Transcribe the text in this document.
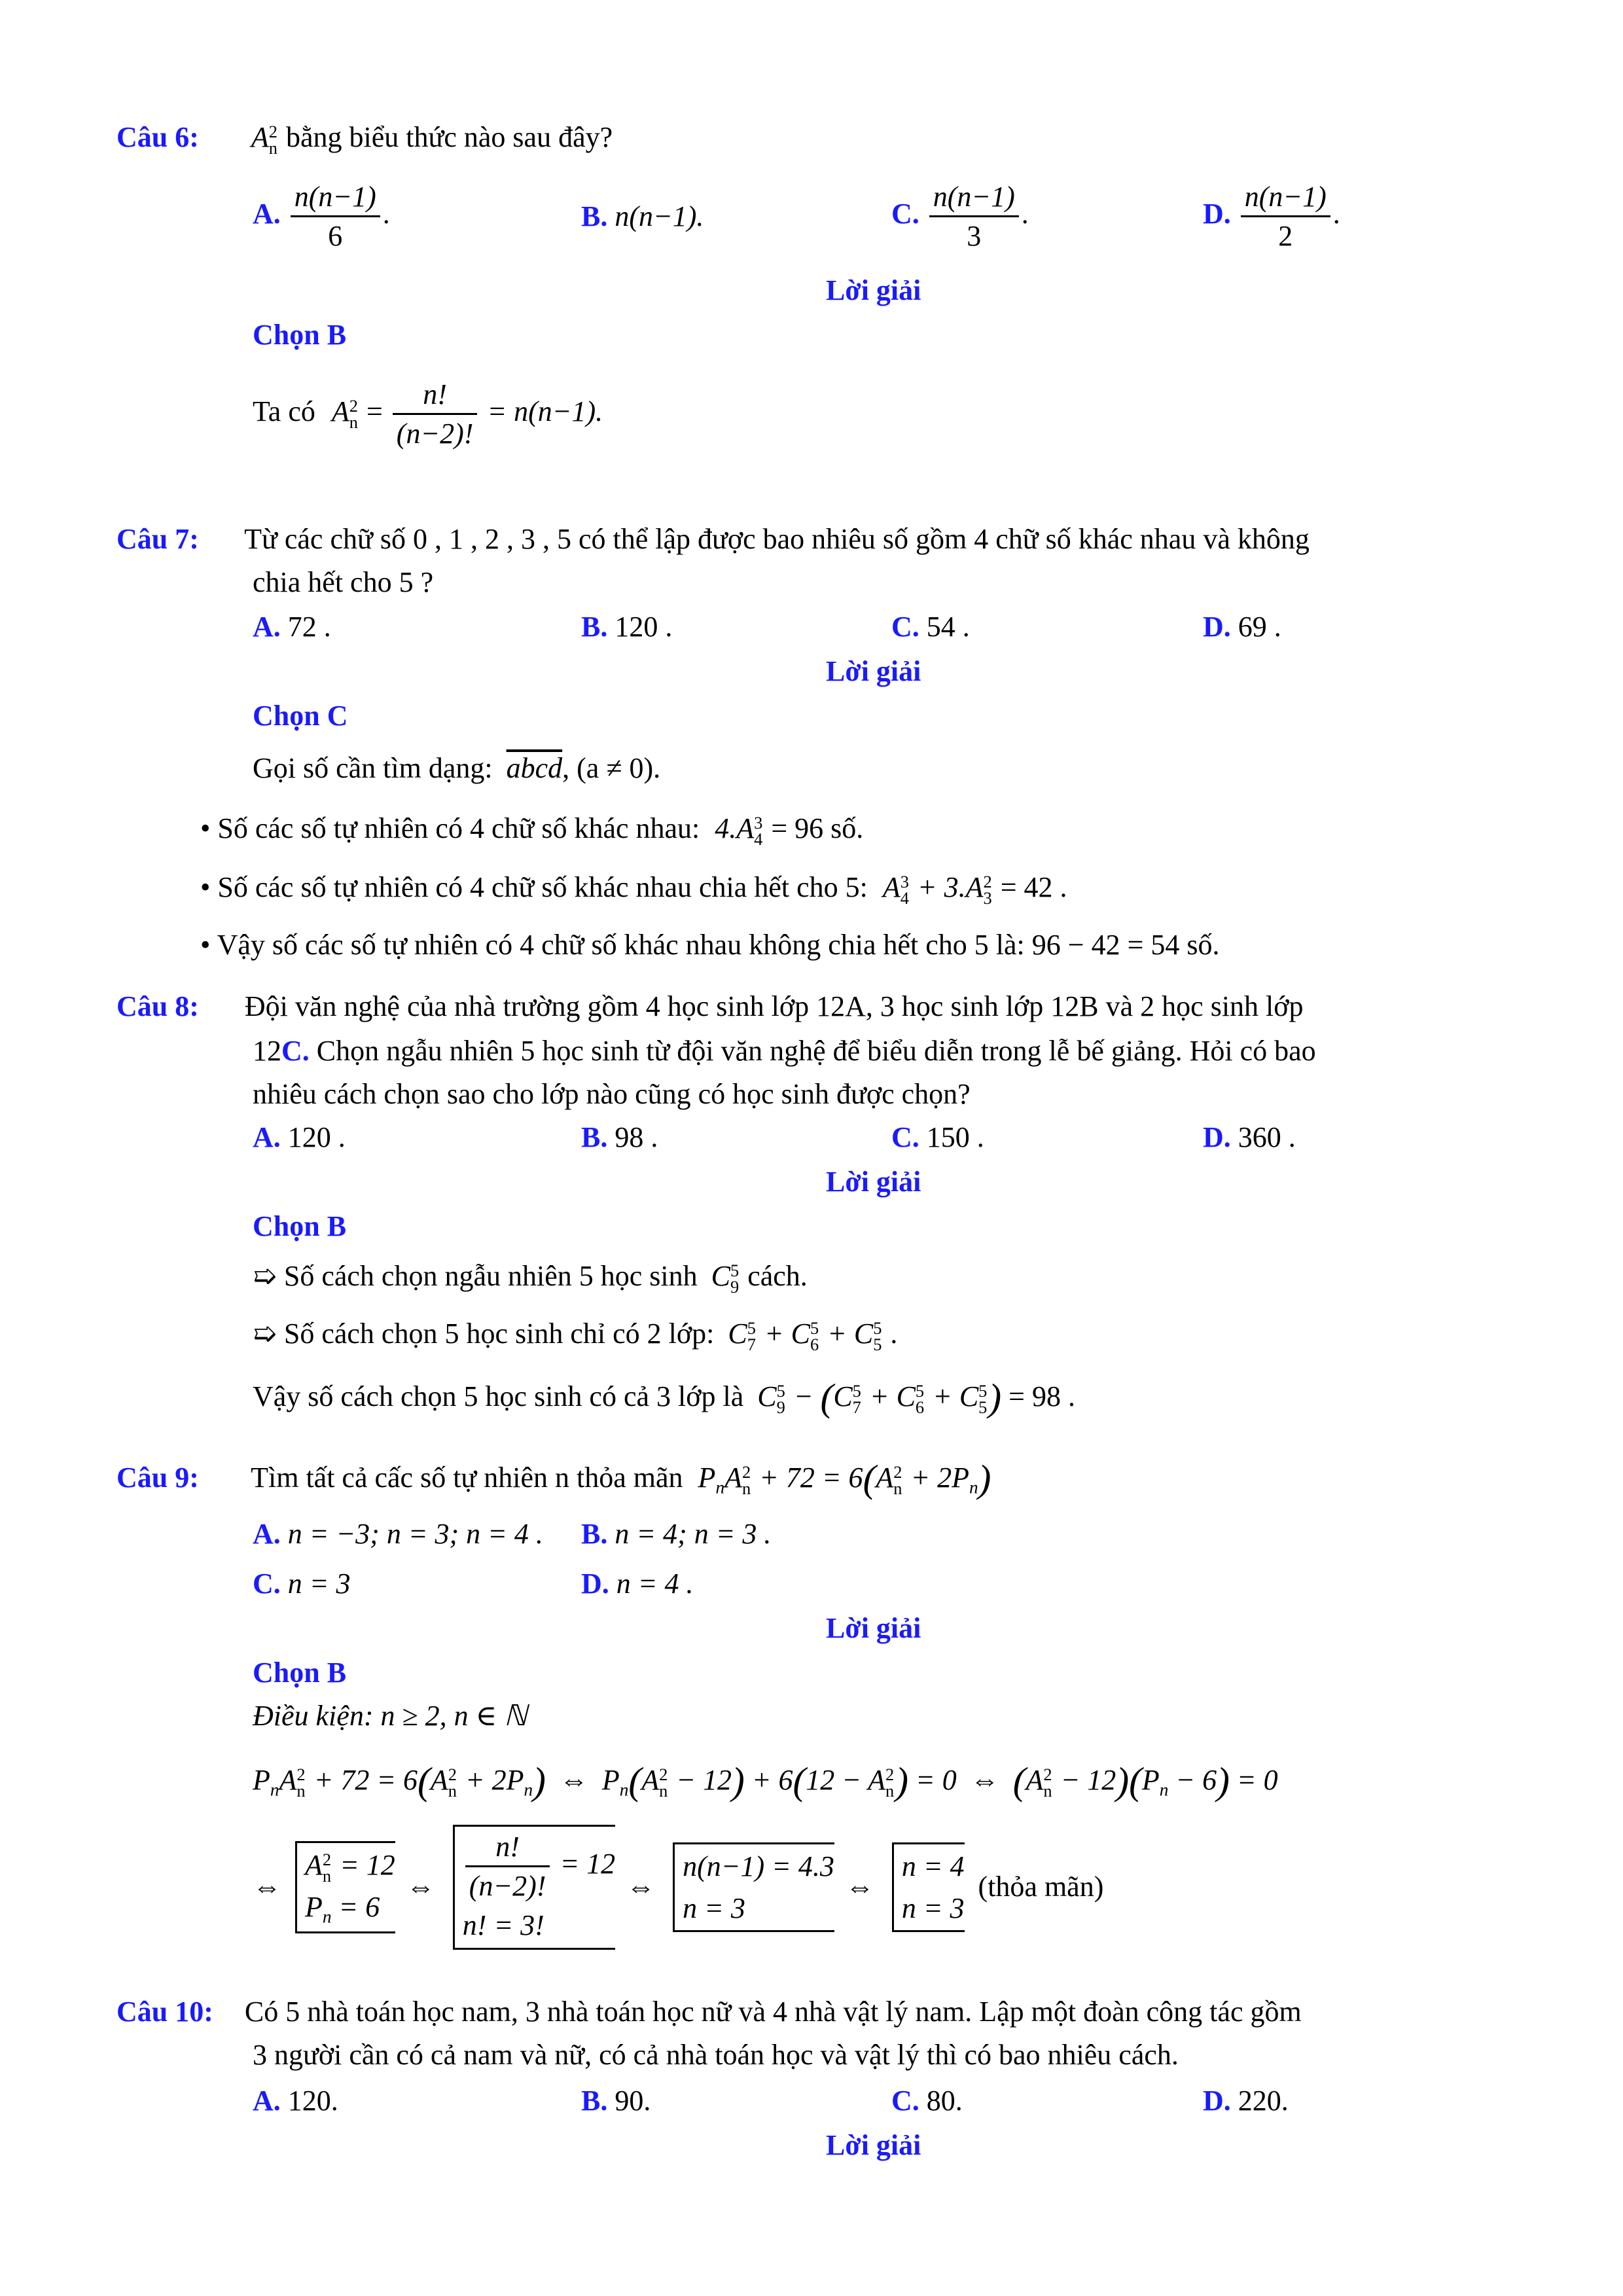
Câu 6: A 2
n bằng biểu thức nào sau đây?
A. $\frac{n(n-1)}{6}$ .	B. n(n−1).	C. $\frac{n(n-1)}{3}$ .	D. $\frac{n(n-1)}{2}$ .
Lời giải
Chọn B
Ta có A 2
$n = \frac{n!}{(n-2)!} = n(n-1)$.
Câu 7: Từ các chữ số 0 , 1 , 2 , 3 , 5 có thể lập được bao nhiêu số gồm 4 chữ số khác nhau và không
chia hết cho 5 ?
A. 72 .	B. 120 .	C. 54 .	D. 69 .
Lời giải
Chọn C
Gọi số cần tìm dạng: abcd, (a ≠ 0).
• Số các số tự nhiên có 4 chữ số khác nhau: 4.A 3
4 = 96 số.
• Số các số tự nhiên có 4 chữ số khác nhau chia hết cho 5: A 3
4 + 3.A 2
3 = 42 .
• Vậy số các số tự nhiên có 4 chữ số khác nhau không chia hết cho 5 là: 96 − 42 = 54 số.
Câu 8: Đội văn nghệ của nhà trường gồm 4 học sinh lớp 12A, 3 học sinh lớp 12B và 2 học sinh lớp
12C. Chọn ngẫu nhiên 5 học sinh từ đội văn nghệ để biểu diễn trong lễ bế giảng. Hỏi có bao
nhiêu cách chọn sao cho lớp nào cũng có học sinh được chọn?
A. 120 .	B. 98 .	C. 150 .	D. 360 .
Lời giải
Chọn B
➯ Số cách chọn ngẫu nhiên 5 học sinh C 5
9 cách.
➯ Số cách chọn 5 học sinh chỉ có 2 lớp: C 5
7 + C 5
6 + C 5
5 .
Vậy số cách chọn 5 học sinh có cả 3 lớp là C 5
9 − (C 5
7 + C 5
6 + C 5
5 ) = 98 .
Câu 9: Tìm tất cả cấc số tự nhiên n thỏa mãn $P_nA$ 2
n + 72 = 6(A 2
$n + 2P_n$)
A. n = −3; n = 3; n = 4 . B. n = 4; n = 3 .
C. n = 3	D. n = 4 .
Lời giải
Chọn B
Điều kiện: n ≥ 2, n ∈ ℕ
$P_nA$ 2
n + 72 = 6(A 2
$n + 2P_n$) ⇔ $P_n(A$ 2
n − 12) + 6(12 − A 2
n ) = 0 ⇔ (A 2
$n - 12)(P_n - 6) = 0$
⇔
A 2
n = 12
$P_n = 6$
⇔ $\frac{n!}{(n-2)!} = 12$
n! = 3!
⇔
n(n−1) = 4.3
n = 3
⇔
n = 4
n = 3
(thỏa mãn)
Câu 10: Có 5 nhà toán học nam, 3 nhà toán học nữ và 4 nhà vật lý nam. Lập một đoàn công tác gồm
3 người cần có cả nam và nữ, có cả nhà toán học và vật lý thì có bao nhiêu cách.
A. 120.	B. 90.	C. 80.	D. 220.
Lời giải
